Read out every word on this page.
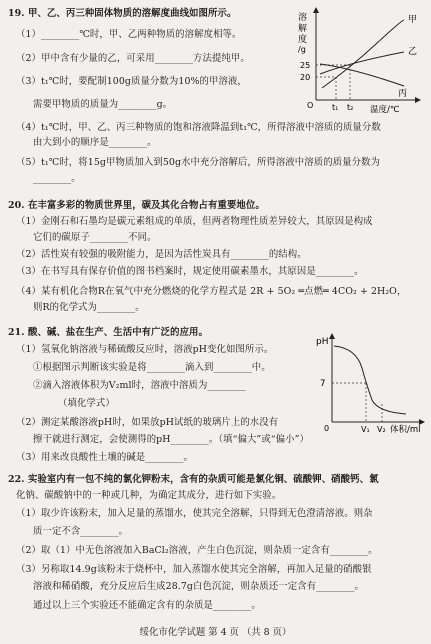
19. 甲、乙、丙三种固体物质的溶解度曲线如图所示。
（1）________℃时，甲、乙两种物质的溶解度相等。
（2）甲中含有少量的乙，可采用________方法提纯甲。
（3）t₁℃时，要配制100g质量分数为10%的甲溶液，
需要甲物质的质量为________g。
（4）t₁℃时，甲、乙、丙三种物质的饱和溶液降温到t₁℃，所得溶液中溶质的质量分数
由大到小的顺序是________。
（5）t₁℃时，将15g甲物质加入到50g水中充分溶解后，所得溶液中溶质的质量分数为
________。
溶
解
度
/g
25
20
甲
乙
丙
O t₁ t₂ 温度/℃
20. 在丰富多彩的物质世界里，碳及其化合物占有重要地位。
（1）金刚石和石墨均是碳元素组成的单质，但两者物理性质差异较大，其原因是构成
它们的碳原子________不同。
（2）活性炭有较强的吸附能力，是因为活性炭具有________的结构。
（3）在书写具有保存价值的图书档案时，规定使用碳素墨水，其原因是________。
（4）某有机化合物R在氧气中充分燃烧的化学方程式是 2R + 5O₂ ═点燃═ 4CO₂ + 2H₂O，
则R的化学式为________。
21. 酸、碱、盐在生产、生活中有广泛的应用。
（1）氢氧化钠溶液与稀硫酸反应时，溶液pH变化如图所示。
①根据图示判断该实验是将________滴入到________中。
②滴入溶液体积为V₂ml时，溶液中溶质为________
（填化学式）
（2）测定某酸溶液pH时，如果放pH试纸的玻璃片上的水没有
擦干就进行测定，会使测得的pH________。（填“偏大”或“偏小”）
（3）用来改良酸性土壤的碱是________。
pH
7
0	V₁ V₂ 体积/ml
22. 实验室内有一包不纯的氯化钾粉末，含有的杂质可能是氯化铜、硫酸钾、硝酸钙、氯
化钠、碳酸钠中的一种或几种，为确定其成分，进行如下实验。
（1）取少许该粉末，加入足量的蒸馏水，使其完全溶解，只得到无色澄清溶液。则杂
质一定不含________。
（2）取（1）中无色溶液加入BaCl₂溶液，产生白色沉淀，则杂质一定含有________。
（3）另称取14.9g该粉末于烧杯中，加入蒸馏水使其完全溶解，再加入足量的硝酸银
溶液和稀硝酸，充分反应后生成28.7g白色沉淀，则杂质还一定含有________。
通过以上三个实验还不能确定含有的杂质是________。
绥化市化学试题 第 4 页 （共 8 页）
